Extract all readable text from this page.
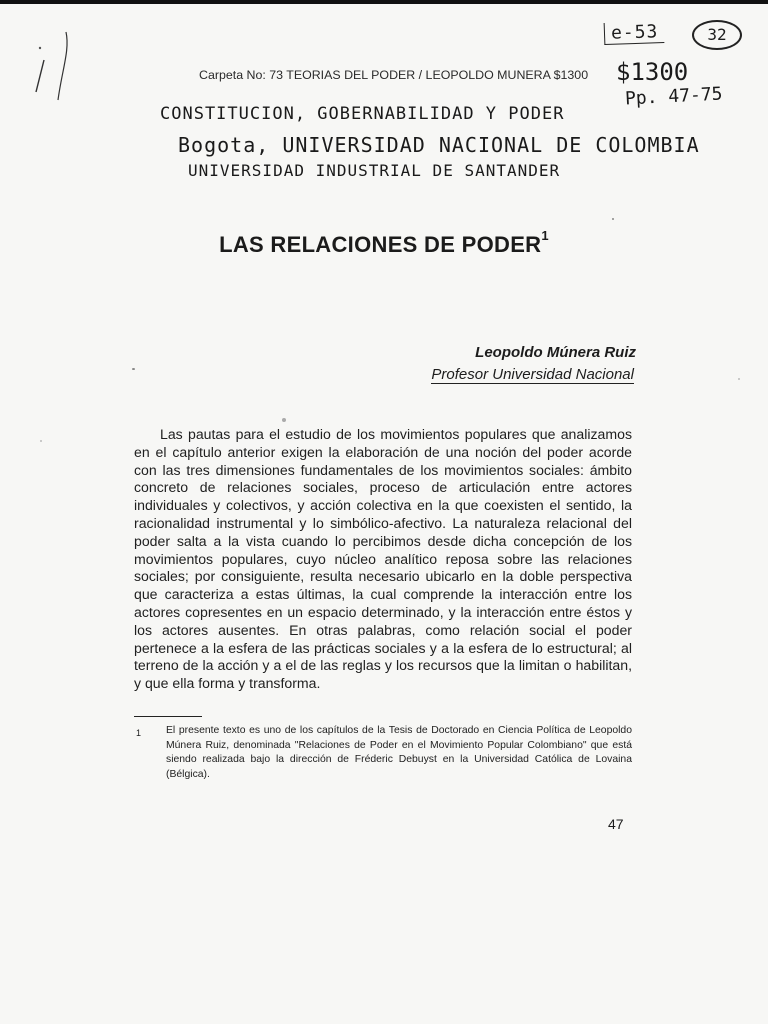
e-53	32
Carpeta No: 73 TEORIAS DEL PODER / LEOPOLDO MUNERA $1300 $1300
Pp. 47-75
CONSTITUCION, GOBERNABILIDAD Y PODER
Bogota, UNIVERSIDAD NACIONAL DE COLOMBIA
UNIVERSIDAD INDUSTRIAL DE SANTANDER
LAS RELACIONES DE PODER$^1$
Leopoldo Múnera Ruiz
Profesor Universidad Nacional
Las pautas para el estudio de los movimientos populares que analizamos en el capítulo anterior exigen la elaboración de una noción del poder acorde con las tres dimensiones fundamentales de los movimientos sociales: ámbito concreto de relaciones sociales, proceso de articulación entre actores individuales y colectivos, y acción colectiva en la que coexisten el sentido, la racionalidad instrumental y lo simbólico-afectivo. La naturaleza relacional del poder salta a la vista cuando lo percibimos desde dicha concepción de los movimientos populares, cuyo núcleo analítico reposa sobre las relaciones sociales; por consiguiente, resulta necesario ubicarlo en la doble perspectiva que caracteriza a estas últimas, la cual comprende la interacción entre los actores copresentes en un espacio determinado, y la interacción entre éstos y los actores ausentes. En otras palabras, como relación social el poder pertenece a la esfera de las prácticas sociales y a la esfera de lo estructural; al terreno de la acción y a el de las reglas y los recursos que la limitan o habilitan, y que ella forma y transforma.
1 El presente texto es uno de los capítulos de la Tesis de Doctorado en Ciencia Política de Leopoldo Múnera Ruiz, denominada "Relaciones de Poder en el Movimiento Popular Colombiano" que está siendo realizada bajo la dirección de Fréderic Debuyst en la Universidad Católica de Lovaina (Bélgica).
47
